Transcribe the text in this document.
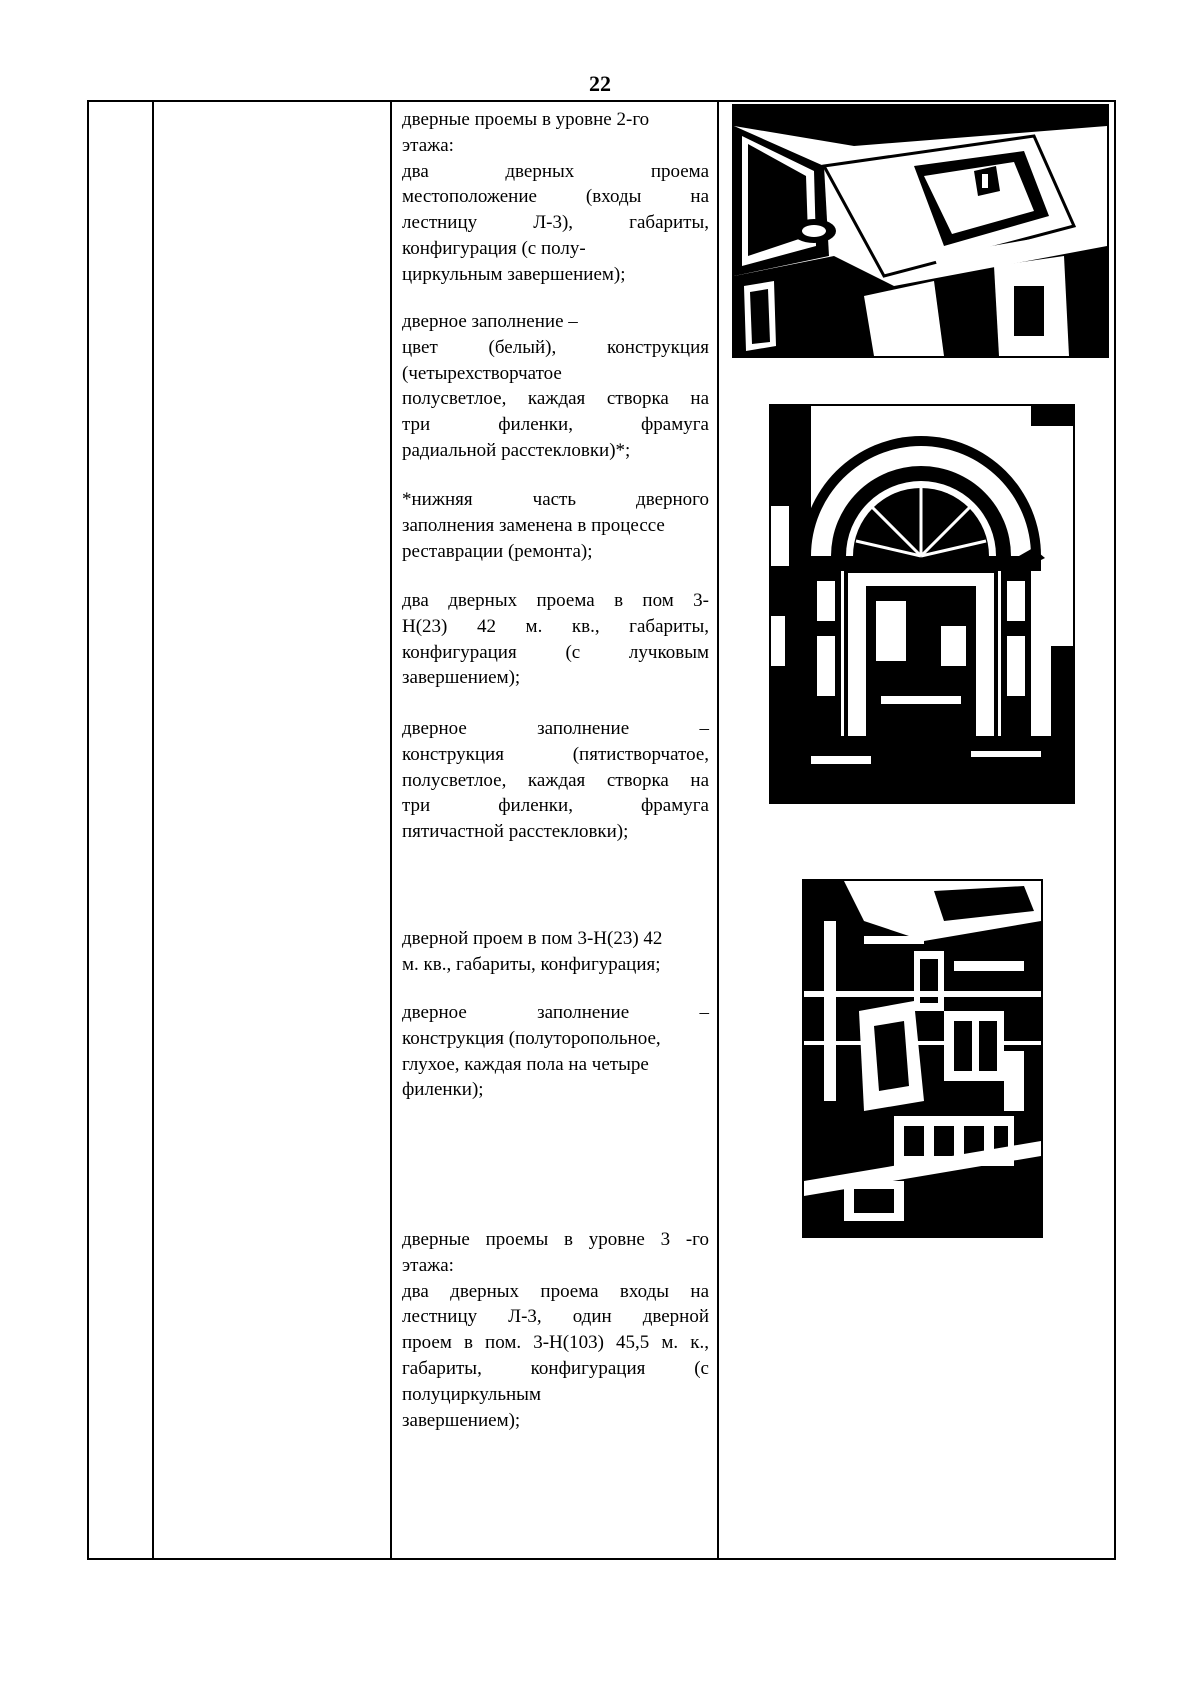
22
дверные проемы в уровне 2-го
этажа:
два дверных проема
местоположение (входы на
лестницу Л-3), габариты,
конфигурация (с полу-
циркульным завершением);
дверное заполнение –
цвет (белый), конструкция
(четырехстворчатое
полусветлое, каждая створка на
три филенки, фрамуга
радиальной расстекловки)*;
*нижняя часть дверного
заполнения заменена в процессе
реставрации (ремонта);
два дверных проема в пом 3-
Н(23) 42 м. кв., габариты,
конфигурация (с лучковым
завершением);
дверное заполнение –
конструкция (пятистворчатое,
полусветлое, каждая створка на
три филенки, фрамуга
пятичастной расстекловки);
дверной проем в пом 3-Н(23) 42
м. кв., габариты, конфигурация;
дверное заполнение –
конструкция (полуторопольное,
глухое, каждая пола на четыре
филенки);
дверные проемы в уровне 3 -го
этажа:
два дверных проема входы на
лестницу Л-3, один дверной
проем в пом. 3-Н(103) 45,5 м. к.,
габариты, конфигурация (с
полуциркульным
завершением);
